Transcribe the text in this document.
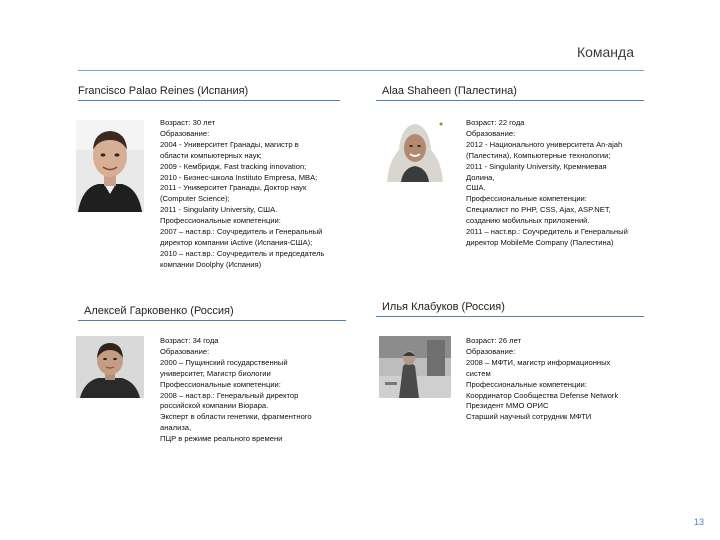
Команда
Francisco Palao Reines (Испания)
Возраст: 30 лет
Образование:
2004 - Университет Гранады, магистр в
области компьютерных наук;
2009 - Кембридж, Fast tracking innovation;
2010 - Бизнес-школа Instituto Empresa, MBA;
2011 - Университет Гранады, Доктор наук
(Computer Science);
2011 - Singularity University, США.
Профессиональные компетенции:
2007 – наст.вр.: Соучредитель и Генеральный
директор компании iActive (Испания-США);
2010 – наст.вр.: Соучредитель и председатель
компании Doolphy (Испания)
Alaa Shaheen (Палестина)
Возраст: 22 года
Образование:
2012 - Национального университета An-ajah
(Палестина), Компьютерные технологии;
2011 - Singularity University, Кремниевая
Долина,
США.
Профессиональные компетенции:
Специалист по PHP, CSS, Ajax, ASP.NET,
созданию мобильных приложений.
2011 – наст.вр.: Соучредитель и Генеральный
директор MobileMe Company (Палестина)
Алексей Гарковенко (Россия)
Возраст: 34 года
Образование:
2000 – Пущинский государственный
университет, Магистр биологии
Профессиональные компетенции:
2008 – наст.вр.: Генеральный директор
российской компании Biopapa.
Эксперт в области генетики, фрагментного
анализа,
ПЦР в режиме реального времени
Илья Клабуков (Россия)
Возраст: 26 лет
Образование:
2008 – МФТИ, магистр информационных
систем
Профессиональные компетенции:
Координатор Сообщества Defense Network
Президент ММО ОРИС
Старший научный сотрудник МФТИ
13
